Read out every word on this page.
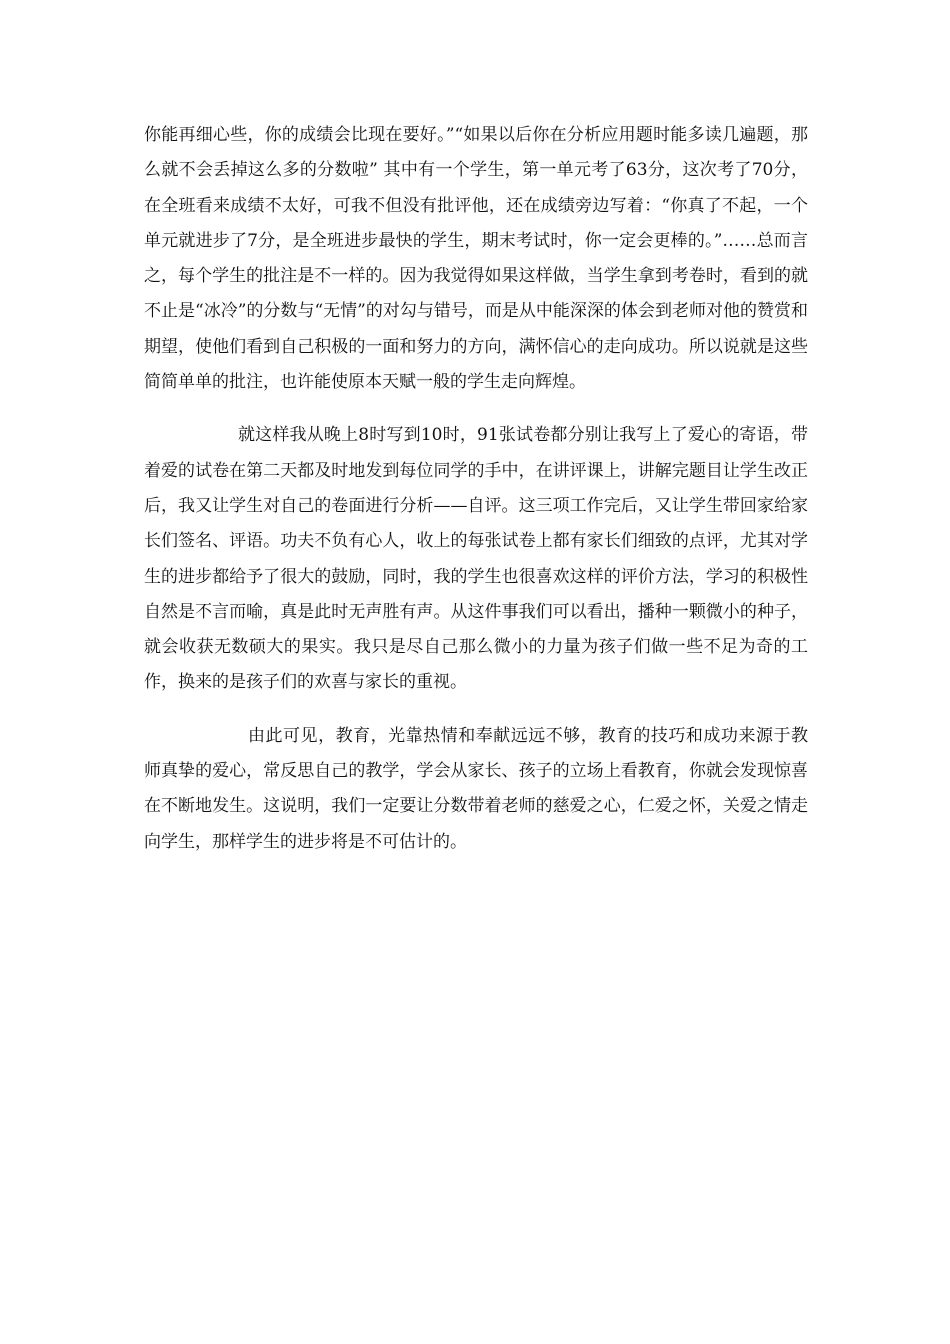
你能再细心些，你的成绩会比现在要好。”“如果以后你在分析应用题时能多读几遍题，那么就不会丢掉这么多的分数啦” 其中有一个学生，第一单元考了63分，这次考了70分，在全班看来成绩不太好，可我不但没有批评他，还在成绩旁边写着：“你真了不起，一个单元就进步了7分，是全班进步最快的学生，期末考试时，你一定会更棒的。”……总而言之，每个学生的批注是不一样的。因为我觉得如果这样做，当学生拿到考卷时，看到的就不止是“冰冷”的分数与“无情”的对勾与错号，而是从中能深深的体会到老师对他的赞赏和期望，使他们看到自己积极的一面和努力的方向，满怀信心的走向成功。所以说就是这些简简单单的批注，也许能使原本天赋一般的学生走向辉煌。

就这样我从晚上8时写到10时，91张试卷都分别让我写上了爱心的寄语，带着爱的试卷在第二天都及时地发到每位同学的手中，在讲评课上，讲解完题目让学生改正后，我又让学生对自己的卷面进行分析——自评。这三项工作完后，又让学生带回家给家长们签名、评语。功夫不负有心人，收上的每张试卷上都有家长们细致的点评，尤其对学生的进步都给予了很大的鼓励，同时，我的学生也很喜欢这样的评价方法，学习的积极性自然是不言而喻，真是此时无声胜有声。从这件事我们可以看出，播种一颗微小的种子，就会收获无数硕大的果实。我只是尽自己那么微小的力量为孩子们做一些不足为奇的工作，换来的是孩子们的欢喜与家长的重视。

由此可见，教育，光靠热情和奉献远远不够，教育的技巧和成功来源于教师真挚的爱心，常反思自己的教学，学会从家长、孩子的立场上看教育，你就会发现惊喜在不断地发生。这说明，我们一定要让分数带着老师的慈爱之心，仁爱之怀，关爱之情走向学生，那样学生的进步将是不可估计的。
